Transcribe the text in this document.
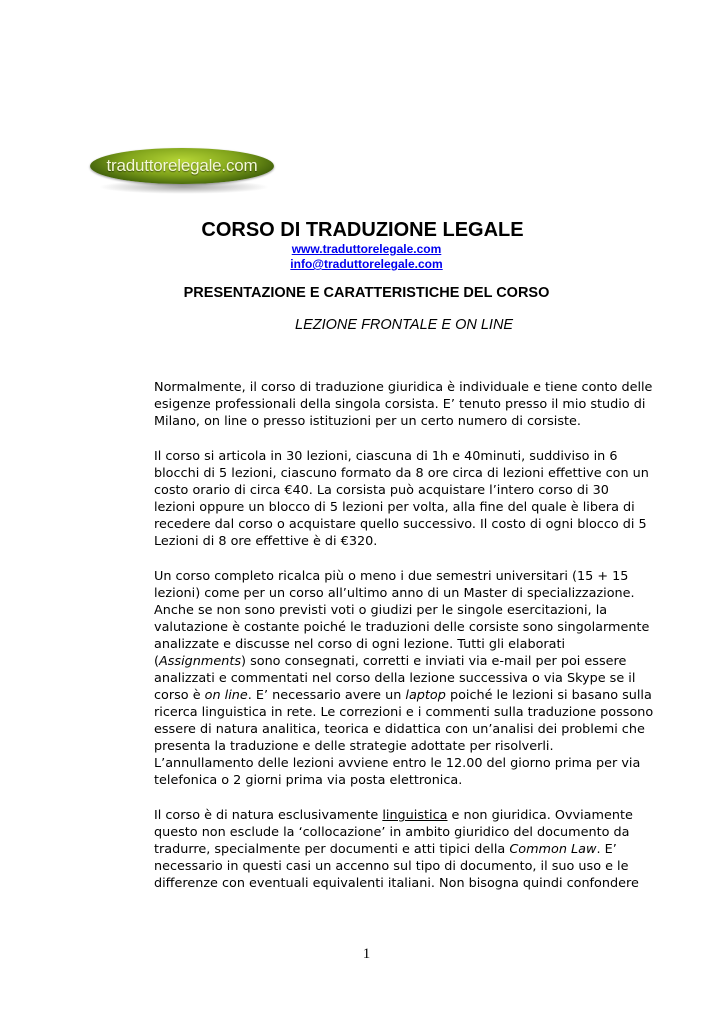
traduttorelegale.com
CORSO DI TRADUZIONE LEGALE
www.traduttorelegale.com
info@traduttorelegale.com
PRESENTAZIONE E CARATTERISTICHE DEL CORSO
LEZIONE FRONTALE E ON LINE

Normalmente, il corso di traduzione giuridica è individuale e tiene conto delle esigenze professionali della singola corsista. E’ tenuto presso il mio studio di Milano, on line o presso istituzioni per un certo numero di corsiste.

Il corso si articola in 30 lezioni, ciascuna di 1h e 40minuti, suddiviso in 6 blocchi di 5 lezioni, ciascuno formato da 8 ore circa di lezioni effettive con un costo orario di circa €40. La corsista può acquistare l’intero corso di 30 lezioni oppure un blocco di 5 lezioni per volta, alla fine del quale è libera di recedere dal corso o acquistare quello successivo. Il costo di ogni blocco di 5 Lezioni di 8 ore effettive è di €320.

Un corso completo ricalca più o meno i due semestri universitari (15 + 15 lezioni) come per un corso all’ultimo anno di un Master di specializzazione. Anche se non sono previsti voti o giudizi per le singole esercitazioni, la valutazione è costante poiché le traduzioni delle corsiste sono singolarmente analizzate e discusse nel corso di ogni lezione. Tutti gli elaborati (Assignments) sono consegnati, corretti e inviati via e-mail per poi essere analizzati e commentati nel corso della lezione successiva o via Skype se il corso è on line. E’ necessario avere un laptop poiché le lezioni si basano sulla ricerca linguistica in rete. Le correzioni e i commenti sulla traduzione possono essere di natura analitica, teorica e didattica con un’analisi dei problemi che presenta la traduzione e delle strategie adottate per risolverli. L’annullamento delle lezioni avviene entro le 12.00 del giorno prima per via telefonica o 2 giorni prima via posta elettronica.

Il corso è di natura esclusivamente linguistica e non giuridica. Ovviamente questo non esclude la ‘collocazione’ in ambito giuridico del documento da tradurre, specialmente per documenti e atti tipici della Common Law. E’ necessario in questi casi un accenno sul tipo di documento, il suo uso e le differenze con eventuali equivalenti italiani. Non bisogna quindi confondere

1
